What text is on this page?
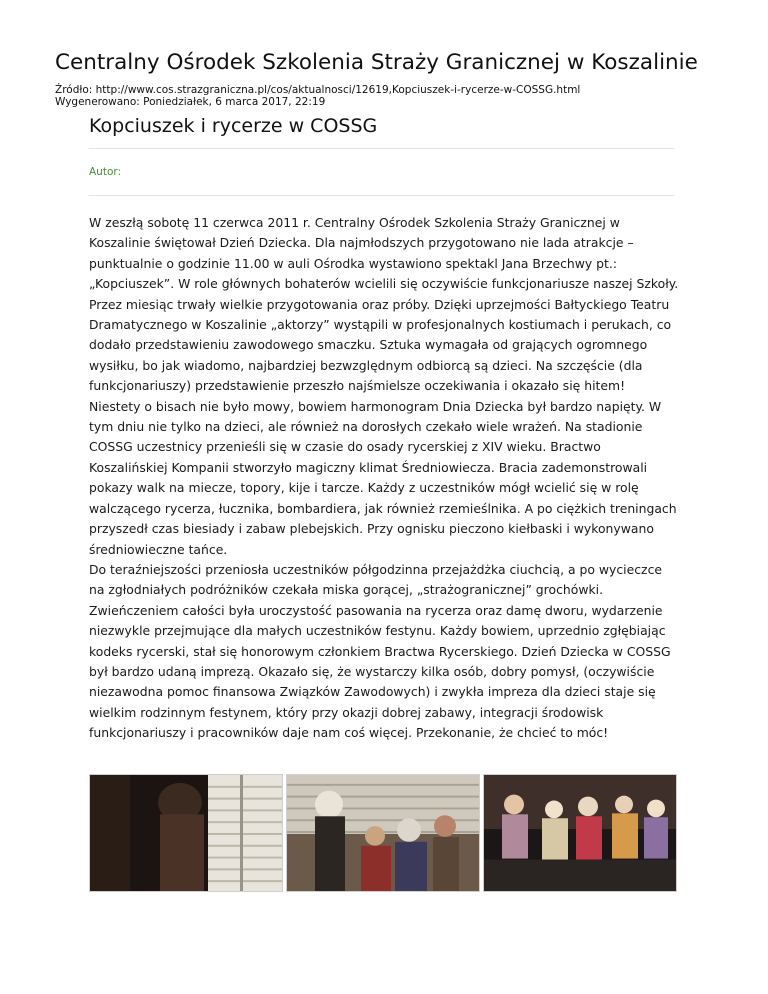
Centralny Ośrodek Szkolenia Straży Granicznej w Koszalinie
Źródło: http://www.cos.strazgraniczna.pl/cos/aktualnosci/12619,Kopciuszek-i-rycerze-w-COSSG.html
Wygenerowano: Poniedziałek, 6 marca 2017, 22:19
Kopciuszek i rycerze w COSSG
Autor:

W zeszłą sobotę 11 czerwca 2011 r. Centralny Ośrodek Szkolenia Straży Granicznej w Koszalinie świętował Dzień Dziecka. Dla najmłodszych przygotowano nie lada atrakcje – punktualnie o godzinie 11.00 w auli Ośrodka wystawiono spektakl Jana Brzechwy pt.: „Kopciuszek”. W role głównych bohaterów wcielili się oczywiście funkcjonariusze naszej Szkoły. Przez miesiąc trwały wielkie przygotowania oraz próby. Dzięki uprzejmości Bałtyckiego Teatru Dramatycznego w Koszalinie „aktorzy” wystąpili w profesjonalnych kostiumach i perukach, co dodało przedstawieniu zawodowego smaczku. Sztuka wymagała od grających ogromnego wysiłku, bo jak wiadomo, najbardziej bezwzględnym odbiorcą są dzieci. Na szczęście (dla funkcjonariuszy) przedstawienie przeszło najśmielsze oczekiwania i okazało się hitem! Niestety o bisach nie było mowy, bowiem harmonogram Dnia Dziecka był bardzo napięty. W tym dniu nie tylko na dzieci, ale również na dorosłych czekało wiele wrażeń. Na stadionie COSSG uczestnicy przenieśli się w czasie do osady rycerskiej z XIV wieku. Bractwo Koszalińskiej Kompanii stworzyło magiczny klimat Średniowiecza. Bracia zademonstrowali pokazy walk na miecze, topory, kije i tarcze. Każdy z uczestników mógł wcielić się w rolę walczącego rycerza, łucznika, bombardiera, jak również rzemieślnika. A po ciężkich treningach przyszedł czas biesiady i zabaw plebejskich. Przy ognisku pieczono kiełbaski i wykonywano średniowieczne tańce.

Do teraźniejszości przeniosła uczestników półgodzinna przejażdżka ciuchcią, a po wycieczce na zgłodniałych podróżników czekała miska gorącej, „strażogranicznej” grochówki. Zwieńczeniem całości była uroczystość pasowania na rycerza oraz damę dworu, wydarzenie niezwykle przejmujące dla małych uczestników festynu. Każdy bowiem, uprzednio zgłębiając kodeks rycerski, stał się honorowym członkiem Bractwa Rycerskiego. Dzień Dziecka w COSSG był bardzo udaną imprezą. Okazało się, że wystarczy kilka osób, dobry pomysł, (oczywiście niezawodna pomoc finansowa Związków Zawodowych) i zwykła impreza dla dzieci staje się wielkim rodzinnym festynem, który przy okazji dobrej zabawy, integracji środowisk funkcjonariuszy i pracowników daje nam coś więcej. Przekonanie, że chcieć to móc!
